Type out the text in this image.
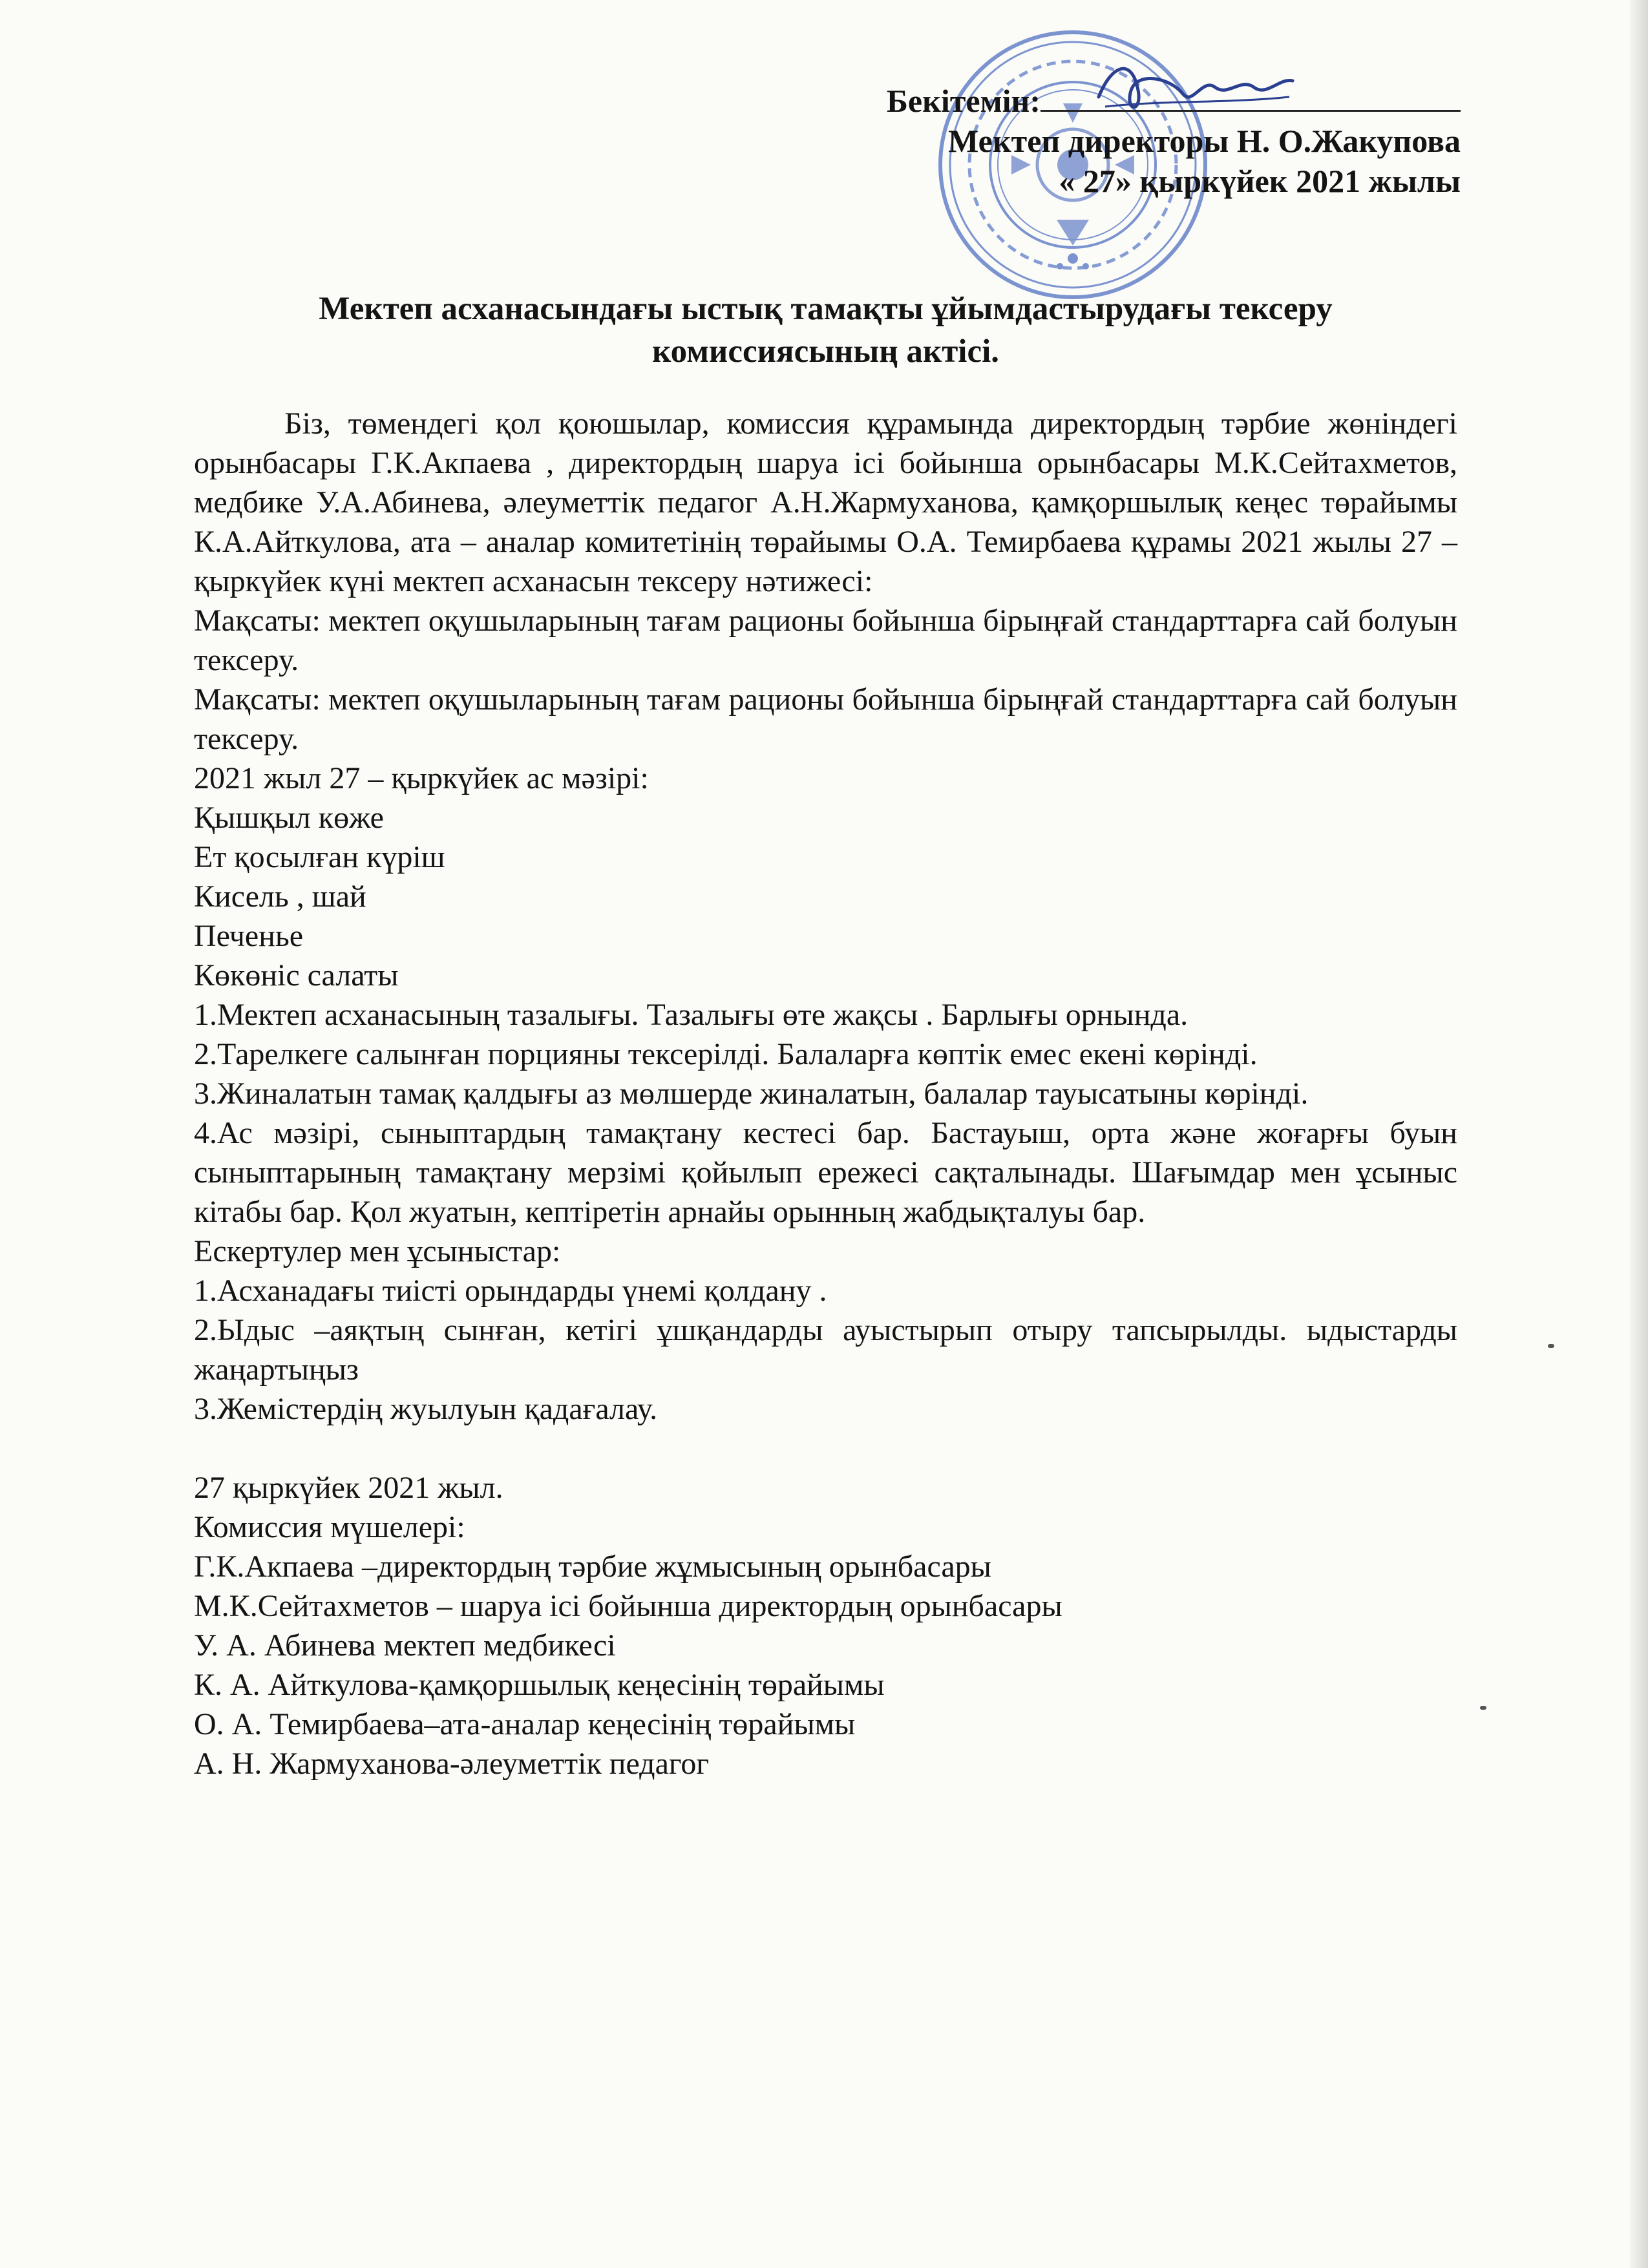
Бекітемін:
Мектеп директоры Н. О.Жакупова
« 27» қыркүйек 2021 жылы
Мектеп асханасындағы ыстық тамақты ұйымдастырудағы тексеру
комиссиясының актісі.

Біз, төмендегі қол қоюшылар, комиссия құрамында директордың тәрбие жөніндегі орынбасары Г.К.Акпаева , директордың шаруа ісі бойынша орынбасары М.К.Сейтахметов, медбике У.А.Абинева, әлеуметтік педагог А.Н.Жармуханова, қамқоршылық кеңес төрайымы К.А.Айткулова, ата – аналар комитетінің төрайымы О.А. Темирбаева құрамы 2021 жылы 27 – қыркүйек күні мектеп асханасын тексеру нәтижесі:

Мақсаты: мектеп оқушыларының тағам рационы бойынша бірыңғай стандарттарға сай болуын тексеру.

Мақсаты: мектеп оқушыларының тағам рационы бойынша бірыңғай стандарттарға сай болуын тексеру.

2021 жыл 27 – қыркүйек ас мәзірі:

Қышқыл көже

Ет қосылған күріш

Кисель , шай

Печенье

Көкөніс салаты

1.Мектеп асханасының тазалығы. Тазалығы өте жақсы . Барлығы орнында.

2.Тарелкеге салынған порцияны тексерілді. Балаларға көптік емес екені көрінді.

3.Жиналатын тамақ қалдығы аз мөлшерде жиналатын, балалар тауысатыны көрінді.

4.Ас мәзірі, сыныптардың тамақтану кестесі бар. Бастауыш, орта және жоғарғы буын сыныптарының тамақтану мерзімі қойылып ережесі сақталынады. Шағымдар мен ұсыныс кітабы бар. Қол жуатын, кептіретін арнайы орынның жабдықталуы бар.

Ескертулер мен ұсыныстар:

1.Асханадағы тиісті орындарды үнемі қолдану .

2.Ыдыс –аяқтың сынған, кетігі ұшқандарды ауыстырып отыру тапсырылды. ыдыстарды жаңартыңыз

3.Жемістердің жуылуын қадағалау.

27 қыркүйек 2021 жыл.

Комиссия мүшелері:

Г.К.Акпаева –директордың тәрбие жұмысының орынбасары

М.К.Сейтахметов – шаруа ісі бойынша директордың орынбасары

У. А. Абинева мектеп медбикесі

К. А. Айткулова-қамқоршылық кеңесінің төрайымы

О. А. Темирбаева–ата-аналар кеңесінің төрайымы

А. Н. Жармуханова-әлеуметтік педагог
